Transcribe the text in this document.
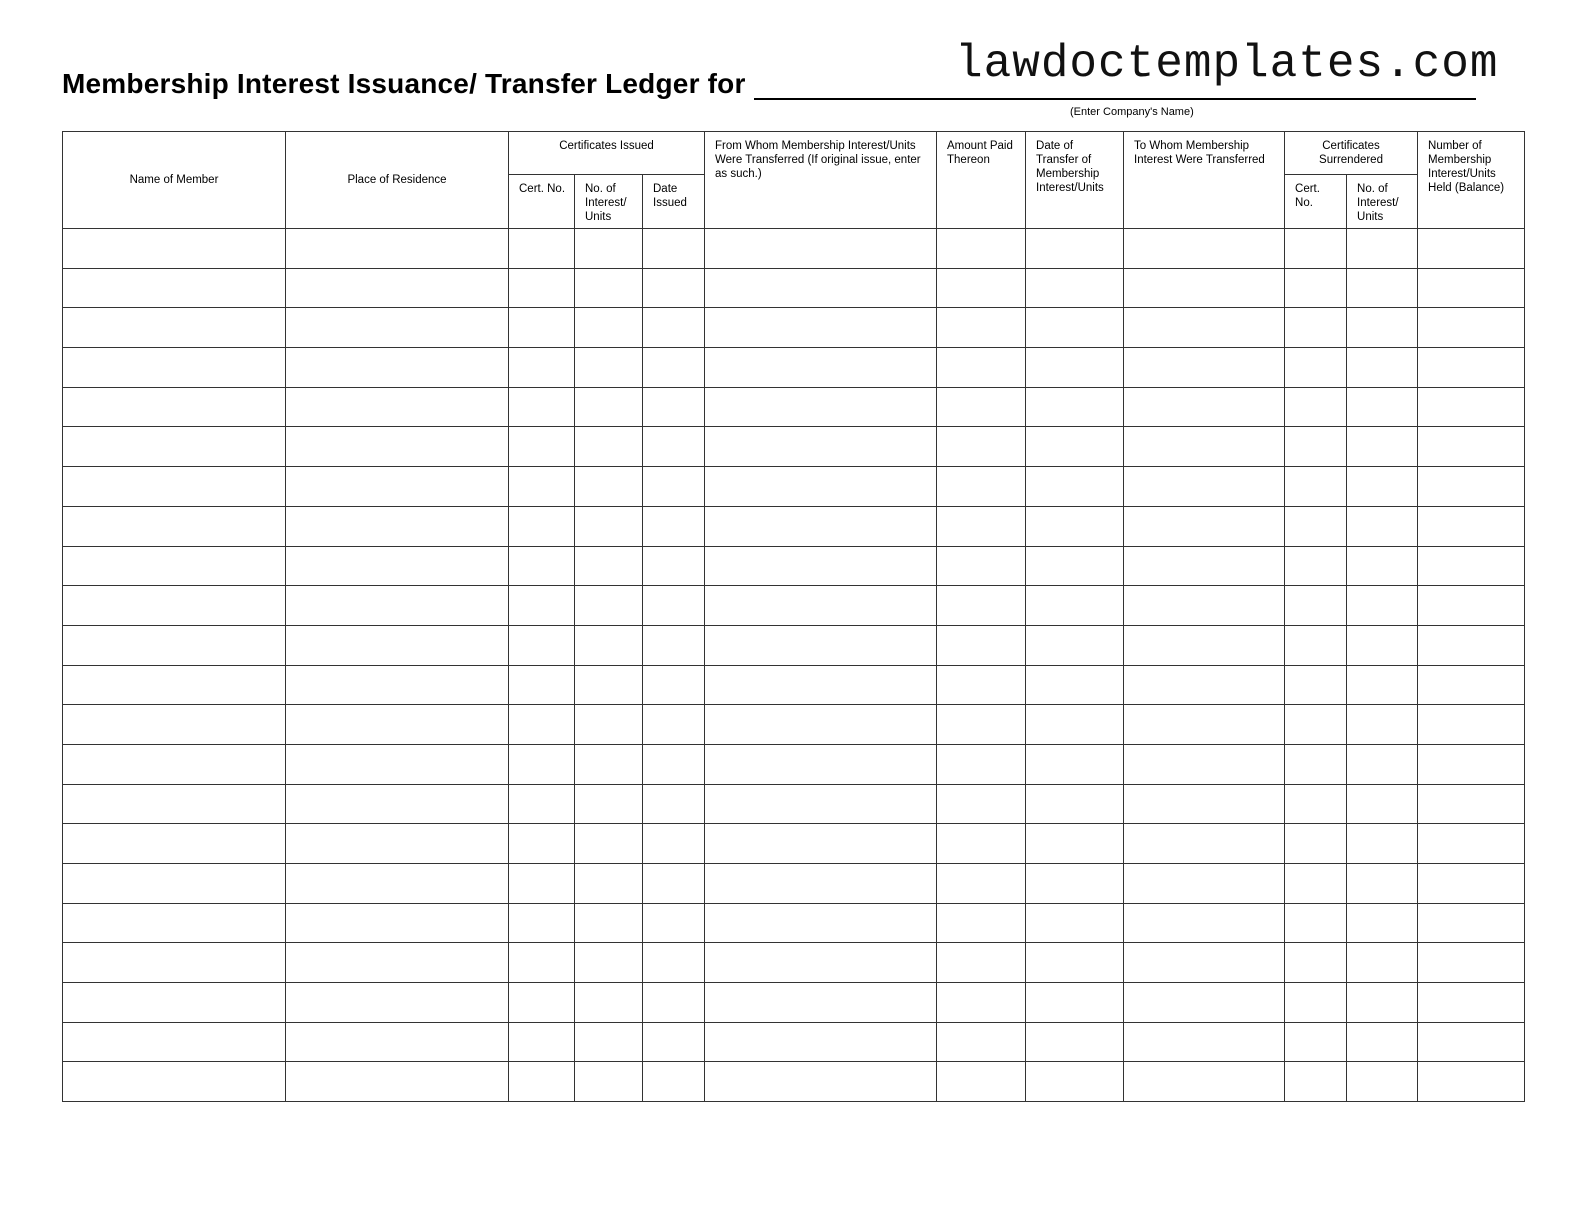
lawdoctemplates.com
Membership Interest Issuance/ Transfer Ledger for
(Enter Company's Name)
Name of Member	Place of Residence	Certificates Issued			From Whom Membership Interest/Units Were Transferred (If original issue, enter as such.)	Amount Paid Thereon	Date of Transfer of Membership Interest/Units	To Whom Membership Interest Were Transferred	Certificates Surrendered		Number of Membership Interest/Units Held (Balance)

		Cert. No.	No. of Interest/ Units	Date Issued					Cert. No.	No. of Interest/ Units	
